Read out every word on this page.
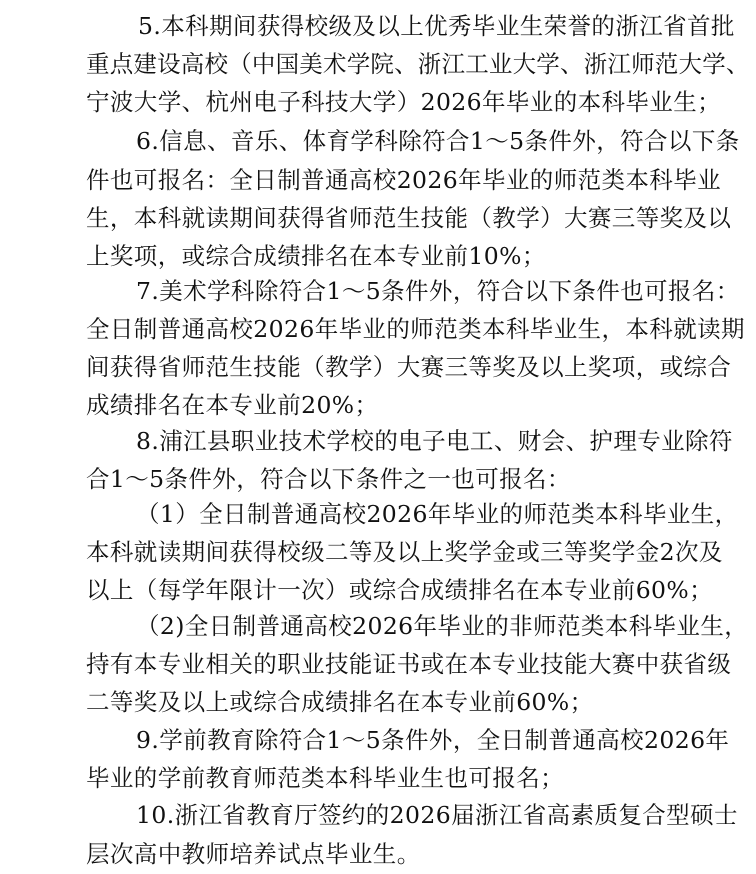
5.本科期间获得校级及以上优秀毕业生荣誉的浙江省首批
重点建设高校（中国美术学院、浙江工业大学、浙江师范大学、
宁波大学、杭州电子科技大学）2026年毕业的本科毕业生；
6.信息、音乐、体育学科除符合1～5条件外，符合以下条
件也可报名：全日制普通高校2026年毕业的师范类本科毕业
生，本科就读期间获得省师范生技能（教学）大赛三等奖及以
上奖项，或综合成绩排名在本专业前10%；
7.美术学科除符合1～5条件外，符合以下条件也可报名：
全日制普通高校2026年毕业的师范类本科毕业生，本科就读期
间获得省师范生技能（教学）大赛三等奖及以上奖项，或综合
成绩排名在本专业前20%；
8.浦江县职业技术学校的电子电工、财会、护理专业除符
合1～5条件外，符合以下条件之一也可报名：
（1）全日制普通高校2026年毕业的师范类本科毕业生，
本科就读期间获得校级二等及以上奖学金或三等奖学金2次及
以上（每学年限计一次）或综合成绩排名在本专业前60%；
（2)全日制普通高校2026年毕业的非师范类本科毕业生，
持有本专业相关的职业技能证书或在本专业技能大赛中获省级
二等奖及以上或综合成绩排名在本专业前60%；
9.学前教育除符合1～5条件外，全日制普通高校2026年
毕业的学前教育师范类本科毕业生也可报名；
10.浙江省教育厅签约的2026届浙江省高素质复合型硕士
层次高中教师培养试点毕业生。
